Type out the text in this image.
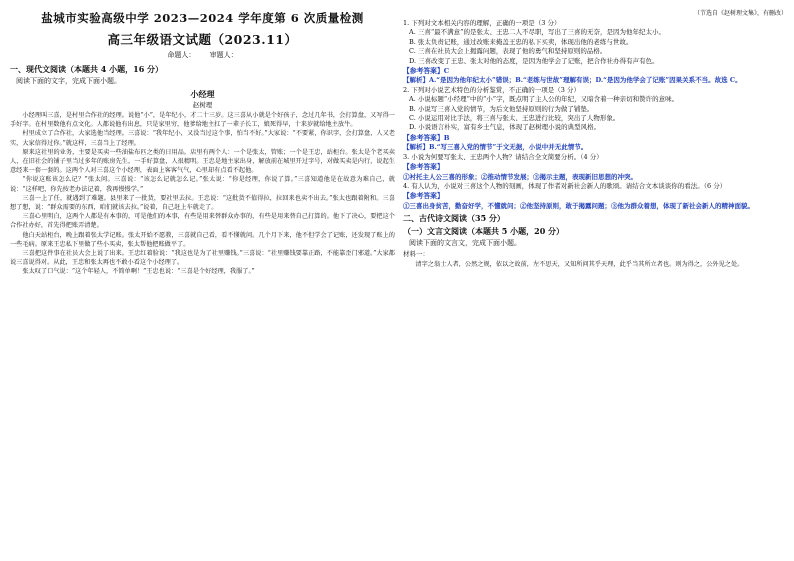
盐城市实验高级中学 2023—2024 学年度第 6 次质量检测
高三年级语文试题（2023.11）
命题人： 审题人：
一、现代文阅读（本题共 4 小题，16 分）
阅读下面的文字，完成下面小题。
小经理
赵树理

小经理叫三喜，是村里合作社的经理。说他“小”，是年纪小，才二十三岁。这三喜从小就是个好孩子，念过几年书，会打算盘，又写得一手好字。在村里数他有点文化。人都说他有出息，只是家里穷，他爹给地主扛了一辈子长工，娘死得早，十来岁就给地主放牛。

村里成立了合作社，大家选他当经理。三喜说：“我年纪小，又没当过这个事，怕当不好。”大家说：“不要紧，你识字，会打算盘，人又老实，大家信得过你。”就这样，三喜当上了经理。

原来这社里的业务，主要是买卖一些油盐布匹之类的日用品。店里有两个人：一个是张太，管账；一个是王忠，站柜台。张太是个老买卖人，在旧社会的铺子里当过多年的账房先生，一手好算盘，人很精明。王忠是地主家出身，解放前在城里开过字号，对做买卖是内行，说起生意经来一套一套的。这两个人对三喜这个小经理，表面上客客气气，心里却有点看不起他。

“你说这账该怎么记？”张太问。三喜说：“该怎么记就怎么记。”张太说：“你是经理，你说了算。”三喜知道他是在故意为难自己，就说：“这样吧，你先按老办法记着，我再慢慢学。”

三喜一上了任，就遇到了难题。县里来了一批货，要社里去拉。王忠说：“这批货不值得拉，拉回来也卖不出去。”张太也跟着附和。三喜想了想，说：“群众需要的东西，咱们就该去拉。”说着，自己赶上车就走了。

三喜心里明白，这两个人都是有本事的，可是他们的本事，有些是用来替群众办事的，有些是用来替自己打算的。他下了决心，要把这个合作社办好，首先得把账弄清楚。

他白天站柜台，晚上跟着张太学记账。张太开始不愿教，三喜就自己看，看不懂就问。几个月下来，他不但学会了记账，还发现了账上的一些毛病。原来王忠私下里做了些小买卖，张太帮他把账做平了。

三喜把这件事在社员大会上说了出来。王忠红着脸说：“我这也是为了社里赚钱。”三喜说：“社里赚钱要靠正路，不能靠歪门邪道。”大家都说三喜说得对。从此，王忠和张太再也不敢小看这个小经理了。

张太叹了口气说：“这个年轻人，不简单啊！”王忠也说：“三喜是个好经理，我服了。”

（节选自《赵树理文集》，有删改）

1. 下列对文本相关内容的理解，正确的一项是（3 分）

A. 三喜“最不满意”的是张太、王忠二人不尽职，写出了三喜的无奈，是因为他年纪太小。

B. 张太负责记账，通过改账来掩盖王忠的私下买卖，体现出他的老练与世故。

C. 三喜在社员大会上揭露问题，表现了他的勇气和坚持原则的品格。

D. 三喜改变了王忠、张太对他的态度，是因为他学会了记账，把合作社办得有声有色。

【参考答案】C

【解析】A.“是因为他年纪太小”错误；B.“老练与世故”理解有误；D.“是因为他学会了记账”因果关系不当。故选 C。

2. 下列对小说艺术特色的分析鉴赏，不正确的一项是（3 分）

A. 小说标题“小经理”中的“小”字，既点明了主人公的年纪，又暗含着一种亲切和赞许的意味。

B. 小说写三喜入党的情节，为后文他坚持原则的行为做了铺垫。

C. 小说运用对比手法，将三喜与张太、王忠进行比较，突出了人物形象。

D. 小说语言朴实，富有乡土气息，体现了赵树理小说的典型风格。

【参考答案】B

【解析】B.“写三喜入党的情节”于文无据，小说中并无此情节。

3. 小说为何要写张太、王忠两个人物？请结合全文简要分析。（4 分）

【参考答案】

①衬托主人公三喜的形象；②推动情节发展；③揭示主题，表现新旧思想的冲突。

4. 有人认为，小说对三喜这个人物的刻画，体现了作者对新社会新人的歌颂。请结合文本谈谈你的看法。（6 分）

【参考答案】

①三喜出身贫苦，勤奋好学，不懂就问；②他坚持原则，敢于揭露问题；③他为群众着想，体现了新社会新人的精神面貌。

二、古代诗文阅读（35 分）
（一）文言文阅读（本题共 5 小题，20 分）
阅读下面的文言文，完成下面小题。

材料一：

清字之翁士人者，公然之规，依以之故前，左不思天，又知所问其乎天理，此乎当其所立者也。则为得之，公外见之处。
